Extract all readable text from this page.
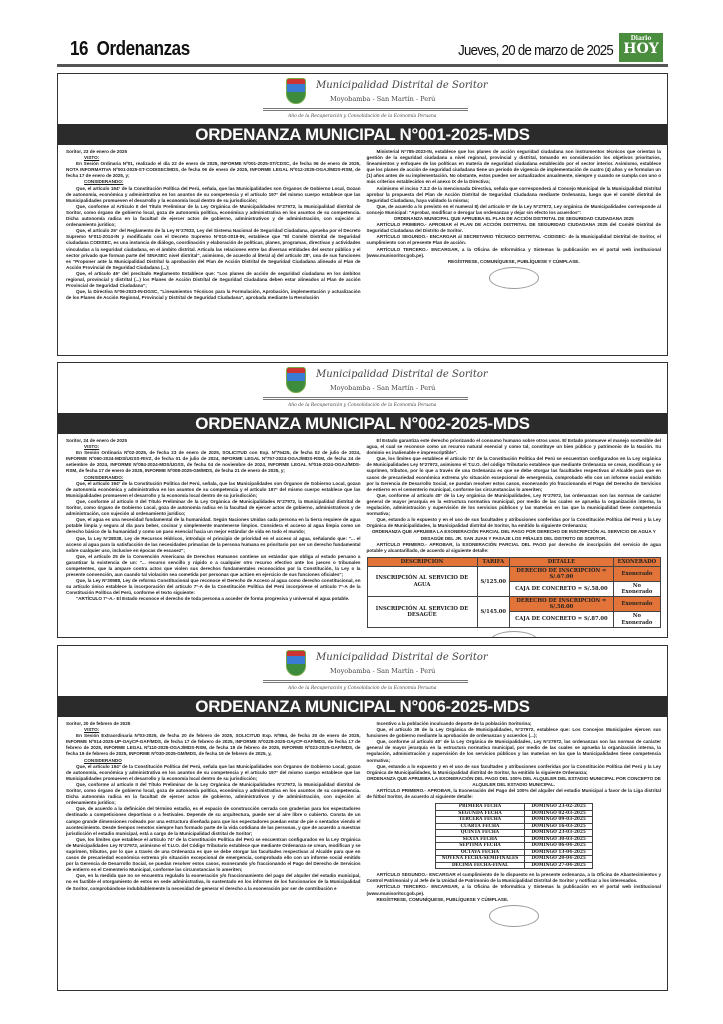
16 Ordenanzas	Jueves, 20 de marzo de 2025
Diario
HOY
Municipalidad Distrital de Soritor
Moyobamba - San Martín - Perú
Año de la Recuperación y Consolidación de la Economía Peruana
ORDENANZA MUNICIPAL N°001-2025-MDS

Soritor, 23 de enero de 2025

VISTO:

En Sesión Ordinaria Nº01, realizado el día 22 de enero de 2025, INFORME Nº001-2025-ST/CDSC, de fecha 06 de enero de 2025, NOTA INFORMATIVA Nº001-2025-ST-CODISEC/MDS, de fecha 06 de enero de 2025, INFORME LEGAL Nº012-2025-OGAJ/MDS-RSM, de fecha 17 de enero de 2025, y;

CONSIDERANDO:

Que, el artículo 194° de la Constitución Política del Perú, señala, que las Municipalidades son Órganos de Gobierno Local, Gozan de autonomía, económica y administrativa en los asuntos de su competencia y el artículo 197° del mismo cuerpo establece que las Municipalidades promueven el desarrollo y la economía local dentro de su jurisdicción;

Que, conforme al Artículo II del Título Preliminar de la Ley Orgánica de Municipalidades N°27972, la Municipalidad distrital de Soritor, como órgano de gobierno local, goza de autonomía política, económica y administrativa en los asuntos de su competencia. Dicha autonomía radica en la facultad de ejercer actos de gobierno, administrativos y de administración, con sujeción al ordenamiento jurídico;

Que, el artículo 26° del Reglamento de la Ley N°27933, Ley del Sistema Nacional de Seguridad Ciudadana, aprueba por el Decreto Supremo N°011-2014-IN y modificado con el Decreto Supremo N°010-2019-IN, establece que "El Comité Distrital de Seguridad ciudadana CODISEC, es una instancia de diálogo, coordinación y elaboración de políticas, planes, programas, directivas y actividades vinculadas a la seguridad ciudadana, en el ámbito distrital. Articula las relaciones entre las diversas entidades del sector público y el sector privado que forman parte del SINASEC nivel distrital", asimismo, de acuerdo al literal a) del artículo 28°, una de sus funciones es "Proponer ante la Municipalidad Distrital la aprobación del Plan de Acción Distrital de Seguridad Ciudadana alineado al Plan de Acción Provincial de Seguridad Ciudadana (...);

Que, el artículo 46° del precitado Reglamento Establece que: "Los planes de acción de seguridad ciudadana en los ámbitos regional, provincial y distrital (...) los Planes de Acción Distrital de Seguridad Ciudadana deben estar alineados al Plan de acción Provincial de Seguridad Ciudadana";

Que, la Directiva N°06-2023-IN-DGSC, "Lineamientos Técnicos para la Formulación, Aprobación, implementación y actualización de los Planes de Acción Regional, Provincial y Distrital de Seguridad Ciudadana", aprobada mediante la Resolución

Ministerial N°785-2023-IN, establece que los planes de acción seguridad ciudadana son instrumentos técnicos que orientan la gestión de la seguridad ciudadana a nivel regional, provincial y distrital, tomando en consideración los objetivos prioritarios, lineamientos y enfoques de las políticas en materia de seguridad ciudadana establecido por el sector interior. Asimismo, establece que los planes de acción de seguridad ciudadana tiene un periodo de vigencia de implementación de cuatro (4) años y se formulan un (1) años antes de su implementación. No obstante, estos pueden ser actualizados anualmente, siempre y cuando se cumpla con uno o más criterios establecidos en el anexo IX de la Directiva;

Asimismo el inciso 7.3.2 de la mencionada Directiva, señala que corresponderá al Concejo Municipal de la Municipalidad Distrital aprobar la propuesta del Plan de Acción Distrital de Seguridad Ciudadana mediante Ordenanza, luego que el comité distrital de Seguridad Ciudadana, haya validado la misma;

Que, de acuerdo a lo previsto en el numeral 8) del artículo 9° de la Ley N°27972, Ley orgánica de Municipalidades corresponde al concejo Municipal: "Aprobar, modificar o derogar las ordenanzas y dejar sin efecto los acuerdos":

ORDENANZA MUNICIPAL QUE APRUEBA EL PLAN DE ACCIÓN DISTRITAL DE SEGURIDAD CIUDADANA 2025

ARTÍCULO PRIMERO.- APROBAR el PLAN DE ACCIÓN DISTRITAL DE SEGURIDAD CIUDADANA 2025 del Comité Distrital de Seguridad Ciudadana del Distrito de Soritor.

ARTÍCULO SEGUNDO.- ENCARGAR al SECRETARIO TÉCNICO DISTRITAL -CODISEC- de la Municipalidad Distrital de Soritor, el cumplimiento con el presente Plan de acción.

ARTÍCULO TERCERO.- ENCARGAR, a la Oficina de Informática y Sistemas la publicación en el portal web institucional (www.munisoritor.gob.pe).

REGÍSTRESE, COMUNÍQUESE, PUBLÍQUESE Y CÚMPLASE.

Municipalidad Distrital de Soritor
Moyobamba - San Martín - Perú
Año de la Recuperación y Consolidación de la Economía Peruana
ORDENANZA MUNICIPAL N°002-2025-MDS

Soritor, 24 de enero de 2025

VISTO:

En Sesión Ordinaria Nº02-2025, de fecha 23 de enero de 2025, SOLICITUD con Exp. Nº75425, de fecha 02 de julio de 2024, INFORME Nº060-2024-MDS/UGSS-RIVZ, de fecha 01 de julio de 2024, INFORME LEGAL Nº757-2024-OGAJ/MDS-RSM, de fecha 24 de setiembre de 2024, INFORME Nº084-2024-MDS/UGSS, de fecha 04 de noviembre de 2024, INFORME LEGAL Nº016-2024-OGAJ/MDS-RSM, de fecha 17 de enero de 2025, INFORME Nº008-2025-GM/MDS, de fecha 21 de enero de 2025, y;

CONSIDERANDO:

Que, el artículo 194° de la Constitución Política del Perú, señala, que las Municipalidades son Órganos de Gobierno Local, gozan de autonomía económica y administrativa en los asuntos de su competencia y el artículo 197° del mismo cuerpo establece que las Municipalidades promueven el desarrollo y la economía local dentro de su jurisdicción;

Que, conforme al artículo II del Título Preliminar de la Ley Orgánica de Municipalidades N°27972, la Municipalidad distrital de Soritor, como órgano de Gobierno Local, goza de autonomía radica en la facultad de ejercer actos de gobierno, administrativos y de administración, con sujeción al ordenamiento jurídico;

Que, el agua es una necesidad fundamental de la humanidad. Según Naciones Unidas cada persona en la tierra requiere de agua potable limpia y segura al día para beber, cocinar y simplemente mantenerse limpios. Considera el acceso al agua limpia como un derecho básico de la humanidad y como un paso esencial hacia un mejor estándar de vida en todo el mundo;

Que, la Ley N°28038, Ley de Recursos Hídricos, introdujo el principio de prioridad en el acceso al agua, señalando que: "... el acceso al agua para la satisfacción de las necesidades primarias de la persona humana es prioritario por ser un derecho fundamental sobre cualquier uso, inclusive en épocas de escasez";

Que, el artículo 25 de la Convención Americana de Derechos Humanos contiene un estándar que obliga al estado peruano a garantizar la existencia de un: "... recurso sencillo y rápido o a cualquier otro recurso efectivo ante los jueces o tribunales competentes, que la ampare contra actos que violen sus derechos fundamentales reconocidos por la Constitución, la Ley o la presente convención, aun cuando tal violación sea cometida por personas que actúen en ejercicio de sus funciones oficiales";

Que, la Ley N°30588, Ley de reforma Constitucional que reconoce el Derecho de Acceso al agua como derecho constitucional, en su artículo único establece la incorporación del artículo 7°-A de la Constitución Política del Perú incorpórese el artículo 7°-A de la Constitución Política del Perú, conforme el texto siguiente:

"ARTÍCULO 7°-A.- El Estado reconoce el derecho de toda persona a acceder de forma progresiva y universal el agua potable.

El Estado garantiza este derecho priorizando el consumo humano sobre otros usos. El Estado promueve el manejo sostenible del agua, el cual se reconoce como un recurso natural esencial y como tal, constituye un bien público y patrimonio de la Nación. Su dominio es inalienable e imprescriptible".

Que, los límites que establece el artículo 74° de la Constitución Política del Perú se encuentran configurados en la Ley orgánica de Municipalidades Ley N°27972, asimismo el T.U.O. del código Tributario establece que mediante Ordenanza se crean, modifican y se suprimen, tributos, por lo que a través de una Ordenanza es que se debe otorgar las facultades respectivas al Alcalde para que en casos de precariedad económica extrema y/o situación excepcional de emergencia, comprobado ello con un informe social emitido por la Gerencia de Desarrollo Social, se puedan resolver estos casos, exonerando y/o fraccionando el Pago del Derecho de Servicios de entierro en el cementerio municipal, conforme las circunstancias lo ameriten;

Que, conforme al artículo 40° de la Ley orgánica de Municipalidades, Ley N°27972, las ordenanzas son las normas de carácter general de mayor jerarquía en la estructura normativa municipal, por medio de las cuales se aprueba la organización interna, la regulación, administración y supervisión de los servicios públicos y las materias en las que la municipalidad tiene competencia normativa;

Que, estando a lo expuesto y en el uso de sus facultades y atribuciones conferidas por la Constitución Política del Perú y la Ley Orgánica de Municipalidades, la Municipalidad distrital de Soritor, ha emitido la siguiente Ordenanza;

ORDENANZA QUE APRUEBA LA EXONERACIÓN PARCIAL DEL PAGO POR DERECHO DE INSCRIPCIÓN AL SERVICIO DE AGUA Y DESAGÜE DEL JR. SAN JUAN Y PASAJE LOS PIÑALES DEL DISTRITO DE SORITOR.

ARTÍCULO PRIMERO.- APROBAR, la EXONERACIÓN PARCIAL DEL PAGO por derecho de inscripción del servicio de agua potable y alcantarillado, de acuerdo al siguiente detalle:

DESCRIPCION	TARIFA	DETALLE	EXONERADO
INSCRIPCIÓN AL SERVICIO DE AGUA	S/125.00	DERECHO DE INSCRIPCIÓN = S/.67.00	Exonerado
		CAJA DE CONCRETO = S/.58.00	No Exonerado
INSCRIPCIÓN AL SERVICIO DE DESAGÜE	S/145.00	DERECHO DE INSCRIPCIÓN = S/.58.00	Exonerado
		CAJA DE CONCRETO = S/.87.00	No Exonerado
Municipalidad Distrital de Soritor
Moyobamba - San Martín - Perú
Año de la Recuperación y Consolidación de la Economía Peruana
ORDENANZA MUNICIPAL N°006-2025-MDS

Soritor, 20 de febrero de 2025

VISTO:

En Sesión Extraordinaria Nº03-2025, de fecha 20 de febrero de 2025, SOLICITUD Exp. Nº864, de fecha 30 de enero de 2025, INFORME Nº014-2025-UP-OAyCP-GAF/MDS, de fecha 17 de febrero de 2025, INFORME Nº0228-2025-OAyCP-GAF/MDS, de fecha 17 de febrero de 2025, INFORME LEGAL Nº110-2025-OGAJ/MDS-RSM, de fecha 19 de febrero de 2025, INFORME Nº023-2025-GAF/MDS, de fecha 19 de febrero de 2025, INFORME Nº030-2025-GM/MDS, de fecha 19 de febrero de 2025, y,

CONSIDERANDO

Que, el artículo 194° de la Constitución Política del Perú, señala que las Municipalidades son Órganos de Gobierno Local, gozan de autonomía, económica y administrativa en los asuntos de su competencia y el artículo 197° del mismo cuerpo establece que las Municipalidades promueven el desarrollo y la economía local dentro de su jurisdicción;

Que, conforme al artículo II del Título Preliminar de la Ley Orgánica de Municipalidades N°27972, la Municipalidad distrital de Soritor, como órgano de gobierno local, goza de autonomía política, económica y administrativa en los asuntos de su competencia. Dicha autonomía radica en la facultad de ejercer actos de gobierno, administrativos y de administración, con sujeción al ordenamiento jurídico;

Que, de acuerdo a la definición del término estadio, es el espacio de construcción cerrada con graderías para los espectadores destinado a competiciones deportivas o a festivales. Depende de su arquitectura, puede ser al aire libre o cubierto. Consta de un campo grande dimensiones rodeado por una estructura diseñada para que los espectadores puedan estar de pie o sentados viendo el acontecimiento. Desde tiempos remotos siempre han formado parte de la vida cotidiana de las personas, y que de acuerdo a nuestras jurisdicción el estadio municipal, está a cargo de la Municipalidad distrital de Soritor;

Que, los límites que establece el artículo 74° de la Constitución Política del Perú se encuentran configurados en la Ley Orgánica de Municipalidades Ley N°27972, asimismo el T.U.O. del Código Tributario establece que mediante Ordenanza se crean, modifican y se suprimen, tributos, por lo que a través de una Ordenanza es que se debe otorgar las facultades respectivas al Alcalde para que en casos de precariedad económica extrema y/o situación excepcional de emergencia, comprobado ello con un informe social emitido por la Gerencia de Desarrollo Social, se puedan resolver estos casos, exonerando y/o fraccionando el Pago del Derecho de Servicios de entierro en el Cementerio Municipal, conforme las circunstancias lo ameriten;

Que, en la medida que no se encuentra regulado la exoneración y/o fraccionamiento del pago del alquiler del estadio municipal, no es factible el otorgamiento de estos en sede administrativa, lo sustentado en los informes de los funcionarios de la Municipalidad de Soritor, comprobándose indubitablemente la necesidad de generar el derecho a la exoneración por ser de contribución e

Incentivo a la población inculcando deporte de la población Soritorina;

Que, el artículo 39 de la Ley Orgánica de Municipalidades, N°27972, establece que: Los Concejos Municipales ejercen sus funciones de gobierno mediante la aprobación de ordenanzas y acuerdos (...);

Que, conforme al artículo 40° de la Ley Orgánica de Municipalidades, Ley N°27972, las ordenanzas son las normas de carácter general de mayor jerarquía en la estructura normativa municipal, por medio de las cuales se aprueba la organización interna, la regulación, administración y supervisión de los servicios públicos y las materias en las que la Municipalidades tiene competencia normativa;

Que, estando a lo expuesto y en el uso de sus facultades y atribuciones conferidas por la Constitución Política del Perú y la Ley Orgánica de Municipalidades, la Municipalidad distrital de Soritor, ha emitido la siguiente Ordenanza;

ORDENANZA QUE APRUEBA LA EXONERACIÓN DEL PAGO DEL 100% DEL ALQUILER DEL ESTADIO MUNICIPAL POR CONCEPTO DE ALQUILER DEL ESTADIO MUNICIPAL.

ARTÍCULO PRIMERO.- APROBAR, la Exoneración del Pago del 100% del alquiler del estadio Municipal a favor de la Liga distrital de fútbol Soritor, de acuerdo al siguiente detalle:

PRIMERA FECHA	DOMINGO 23-02-2025
SEGUNDA FECHA	DOMINGO 02-03-2025
TERCERA FECHA	DOMINGO 09-03-2025
CUARTA FECHA	DOMINGO 16-03-2025
QUINTA FECHA	DOMINGO 23-03-2025
SEXTA FECHA	DOMINGO 30-03-2025
SÉPTIMA FECHA	DOMINGO 06-04-2025
OCTAVA FECHA	DOMINGO 13-04-2025
NOVENA FECHA-SEMIFINALES	DOMINGO 20-04-2025
DÉCIMA FECHA-FINAL	DOMINGO 27-04-2025

ARTÍCULO SEGUNDO.- ENCARGAR el cumplimiento de lo dispuesto en la presente ordenanza, a la Oficina de Abastecimientos y Control Patrimonial y al Jefe de la Unidad de Patrimonio de la Municipalidad Distrital de Soritor y notificar a los interesados.

ARTÍCULO TERCERO.- ENCARGAR, a la Oficina de Informática y Sistemas la publicación en el portal web institucional (www.munisoritor.gob.pe).

REGÍSTRESE, COMUNÍQUESE, PUBLÍQUESE Y CÚMPLASE.
